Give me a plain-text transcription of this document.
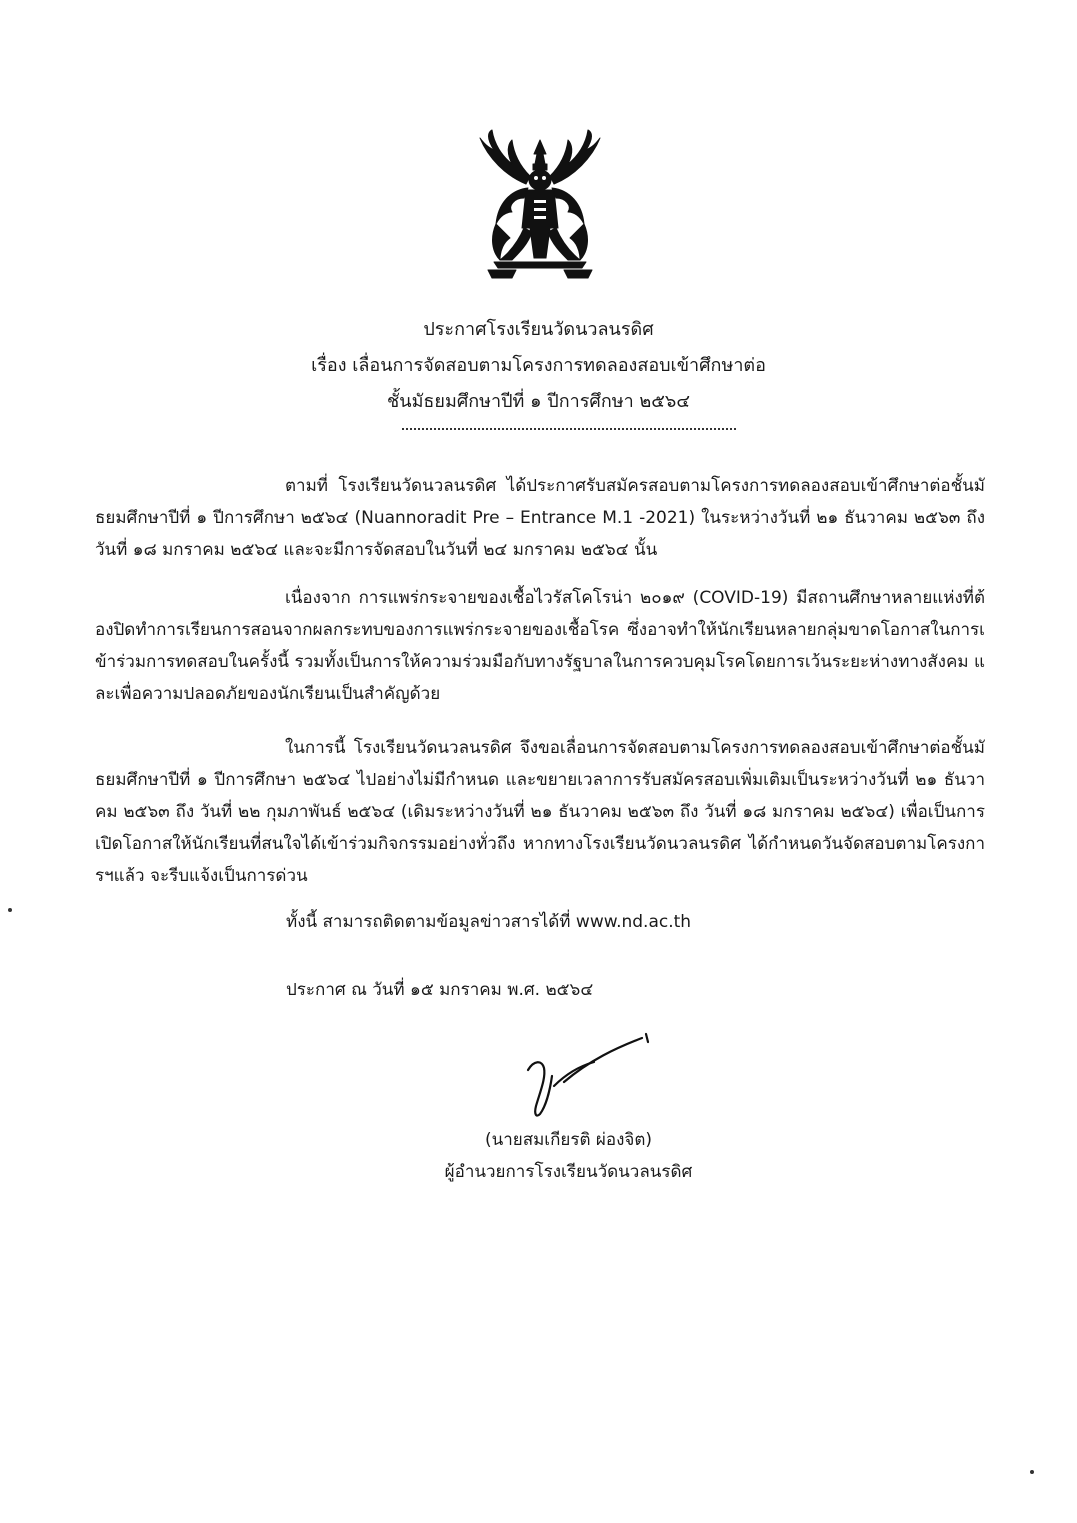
ประกาศโรงเรียนวัดนวลนรดิศ
เรื่อง เลื่อนการจัดสอบตามโครงการทดลองสอบเข้าศึกษาต่อ
ชั้นมัธยมศึกษาปีที่ ๑ ปีการศึกษา ๒๕๖๔
ตามที่ โรงเรียนวัดนวลนรดิศ ได้ประกาศรับสมัครสอบตามโครงการทดลองสอบเข้าศึกษาต่อชั้นมัธยมศึกษาปีที่ ๑ ปีการศึกษา ๒๕๖๔ (Nuannoradit Pre – Entrance M.1 -2021) ในระหว่างวันที่ ๒๑ ธันวาคม ๒๕๖๓ ถึง วันที่ ๑๘ มกราคม ๒๕๖๔ และจะมีการจัดสอบในวันที่ ๒๔ มกราคม ๒๕๖๔ นั้น
เนื่องจาก การแพร่กระจายของเชื้อไวรัสโคโรน่า ๒๐๑๙ (COVID-19) มีสถานศึกษาหลายแห่งที่ต้องปิดทำการเรียนการสอนจากผลกระทบของการแพร่กระจายของเชื้อโรค ซึ่งอาจทำให้นักเรียนหลายกลุ่มขาดโอกาสในการเข้าร่วมการทดสอบในครั้งนี้ รวมทั้งเป็นการให้ความร่วมมือกับทางรัฐบาลในการควบคุมโรคโดยการเว้นระยะห่างทางสังคม และเพื่อความปลอดภัยของนักเรียนเป็นสำคัญด้วย
ในการนี้ โรงเรียนวัดนวลนรดิศ จึงขอเลื่อนการจัดสอบตามโครงการทดลองสอบเข้าศึกษาต่อชั้นมัธยมศึกษาปีที่ ๑ ปีการศึกษา ๒๕๖๔ ไปอย่างไม่มีกำหนด และขยายเวลาการรับสมัครสอบเพิ่มเติมเป็นระหว่างวันที่ ๒๑ ธันวาคม ๒๕๖๓ ถึง วันที่ ๒๒ กุมภาพันธ์ ๒๕๖๔ (เดิมระหว่างวันที่ ๒๑ ธันวาคม ๒๕๖๓ ถึง วันที่ ๑๘ มกราคม ๒๕๖๔) เพื่อเป็นการเปิดโอกาสให้นักเรียนที่สนใจได้เข้าร่วมกิจกรรมอย่างทั่วถึง หากทางโรงเรียนวัดนวลนรดิศ ได้กำหนดวันจัดสอบตามโครงการฯแล้ว จะรีบแจ้งเป็นการด่วน
ทั้งนี้ สามารถติดตามข้อมูลข่าวสารได้ที่ www.nd.ac.th
ประกาศ ณ วันที่ ๑๕ มกราคม พ.ศ. ๒๕๖๔
(นายสมเกียรติ ผ่องจิต)
ผู้อำนวยการโรงเรียนวัดนวลนรดิศ
